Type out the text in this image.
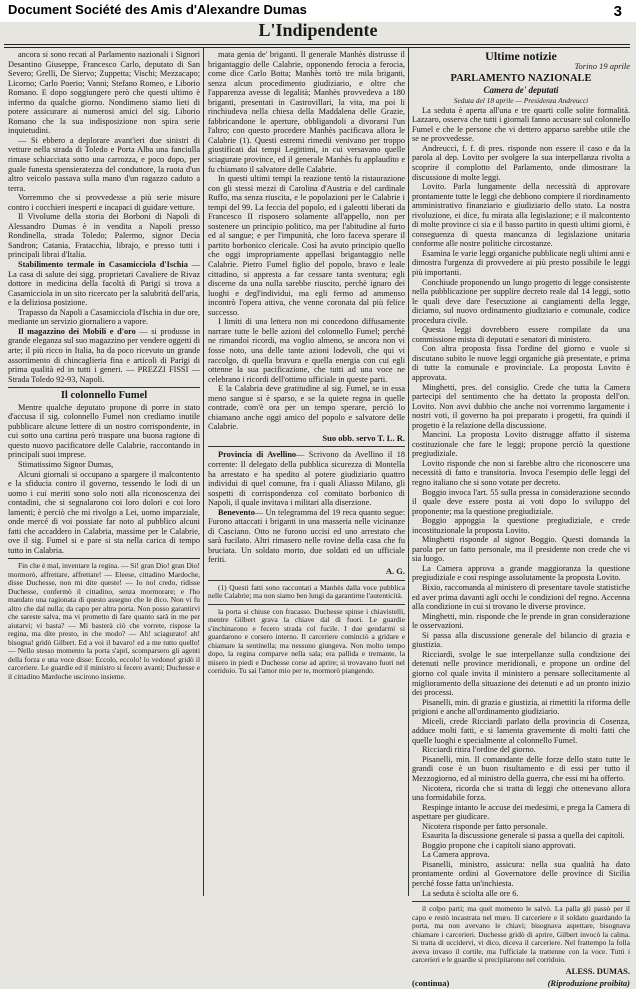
Document Société des Amis d'Alexandre Dumas	3
L'Indipendente

ancora si sono recati al Parlamento nazionali i Signori Desantino Giuseppe, Francesco Carlo, deputato di San Severo; Grelli, De Siervo; Zuppetta; Vischi; Mezzacapo; Licorno; Carlo Poerio; Vanni; Stefano Romeo, e Liborio Romano. E dopo soggiungere però che questi ultimo è infermo da qualche giorno. Nondimeno siamo lieti di potere assicurare ai numerosi amici del sig. Liborio Romano che la sua indisposizione non spira serie inquietudini.

— Si ebbero a deplorare avant'ieri due sinistri di vetture nella strada di Toledo e Porta Alba una fanciulla rimase schiacciata sotto una carrozza, e poco dopo, per guale funesta spensieratezza del conduttore, la ruota d'un altro veicolo passava sulla mano d'un ragazzo caduto a terra.

Vorremmo che si provvedesse a più serie misure contro i cocchieri inesperti e incapaci di guidare vetture.

Il Vivolume della storia dei Borboni di Napoli di Alessandro Dumas è in vendita a Napoli presso Rondinella, strada Toledo; Palermo, signor Decia Sandron; Catania, Fratacchia, librajo, e presso tutti i principali librai d'Italia.

Stabilimento termale in Casamicciola d'Ischia — La casa di salute dei sigg. proprietari Cavaliere de Rivaz dottore in medicina della facoltà di Parigi si trova a Casamicciola in un sito ricercato per la salubrità dell'aria, e la deliziosa posizione.

Trapasso da Napoli a Casamicciola d'Ischia in due ore, mediante un servizio giornaliero a vapore.

Il magazzino dei Mobili e d'oro — si produsse in grande eleganza sul suo magazzino per vendere oggetti di arte; il più ricco in Italia, ha da poco ricevuto un grande assortimento di chincaglieria fina e articoli di Parigi di prima qualità ed in tutti i generi. — PREZZI FISSI — Strada Toledo 92-93, Napoli.

Il colonnello Fumel

Mentre qualche deputato propone di porre in stato d'accusa il sig. colonnello Fumel non crediamo inutile pubblicare alcune lettere di un nostro corrispondente, in cui sotto una cartina però traspare una buona ragione di questo nuovo pacificatore delle Calabrie, raccontando in principali suoi imprese.

Stimatissimo Signor Dumas,

Alcuni giornali si occupano a spargere il malcontento e la sfiducia contro il governo, tessendo le lodi di un uomo i cui meriti sono solo noti alla riconoscenza dei contadini, che si segnalarono coi loro dolori e coi loro lamenti; è perciò che mi rivolgo a Lei, uomo imparziale, onde mercé di voi possiate far noto al pubblico alcuni fatti che accaddero in Calabria, massime per le Calabrie, ove il sig. Fumel si e pare si sta nella carica di tempo tutto in Calabria.

Fin che è mal, inventare la regina. — Si! gran Dio! gran Dio! mormorò, affrettare, affrettate! — Eleese, cittadino Mardoche, disse Duchesse, non mi dite queste! — Io nol credo, ridisse Duchesse, confermò il cittadino, senza mormorare; e l'ho mandato una ragionata di questo assegno che le dico. Non vi fu altro che dal nulla; da capo per altra porta. Non posso garantirvi che sareste salva, ma vi prometto di fare quanto sarà in me per aiutarvi; vi basta? — Mi basterà ciò che vorrete, rispose la regina, ma dite presto, in che modo? — Ah! sciagurato! ah! bisogna! gridò Gilbert. Ed a voi il bavaro! ed a me tutto quello! — Nello stesso momento la porta s'aprì, scomparsero gli agenti della forza e una voce disse: Eccolo, eccolo! lo vedono! gridò il carceriere. Le guardie ed il ministro si fecero avanti; Duchesse e il cittadino Mardoche uscirono insieme.

mata genia de' briganti. Il generale Manhès distrusse il brigantaggio delle Calabrie, opponendo ferocia a ferocia, come dice Carlo Botta; Manhès tortò tre mila briganti, senza alcun procedimento giudiziario, e oltre che l'apparenza avesse di legalità; Manhès provvedeva a 180 briganti, presentati in Castrovillari, la vita, ma poi li rinchiudeva nella chiesa della Maddalena delle Grazie, fabbricandone le aperture, obbligandoli a divorarsi l'un l'altro; con questo procedere Manhès pacificava allora le Calabrie (1). Questi estremi rimedii venivano per troppo giustificati dai tempi Legittimi, in cui versavano quelle sciagurate province, ed il generale Manhès fu applaudito e fu chiamato il salvatore delle Calabrie.

In questi ultimi tempi la reazione tentò la ristaurazione con gli stessi mezzi di Carolina d'Austria e del cardinale Ruffo, ma senza riuscita, e le popolazioni per le Calabrie i tempi del 99. La feccia del popolo, ed i galeotti liberati da Francesco II risposero solamente all'appello, non per sostenere un principio politico, ma per l'abitudine al furto ed al sangue; e per l'impunità, che loro faceva sperare il partito borbonico clericale. Così ha avuto principio quello che oggi impropriamente appellasi brigantaggio nelle Calabrie. Pietro Fumel figlio del popolo, bravo e leale cittadino, si appresta a far cessare tanta sventura; egli discerne da una nulla sarebbe riuscito, perchè ignaro dei luoghi e degl'individui, ma egli fermo ad ammenso incontrò l'opera attiva, che venne coronata dal più felice successo.

I limiti di una lettera non mi concedono diffusamente narrare tutte le belle azioni del colonnello Fumel; perchè ne rimandoì ricordi, ma voglio almeno, se ancora non vi fosse noto, una delle tante azioni lodevoli, che qui vi raccolgo, di quella bravura e quella energia con cui egli ottenne la sua pacificazione, che tutti ad una voce ne celebrano i ricordi dell'ottimo ufficiale in queste parti.

E la Calabria deve gratitudine al sig. Fumel, se in essa meno sangue si è sparso, e se la quiete regna in quelle contrade, com'è ora per un tempo sperare, perciò lo chiamano anche oggi amico del popolo e salvatore delle Calabrie.

Suo obb. servo T. L. R.

Provincia di Avellino— Scrivono da Avellino il 18 corrente: Il delegato della pubblica sicurezza di Montella ha arrestato e ha spedito al potere giudiziario quattro individui di quel comune, fra i quali Aliasso Milano, gli sospetti di corrispondenza col comitato borbonico di Napoli, il quale invitava i militari alla diserzione.

Benevento— Un telegramma del 19 reca quanto segue: Furono attaccati i briganti in una masseria nelle vicinanze di Casciano. Otto ne furono uccisi ed uno arrestato che sarà fucilato. Altri rimasero nelle rovine della casa che fu bruciata. Un soldato morto, due soldati ed un ufficiale feriti.

A. G.

(1) Questi fatti sono raccontati a Manhès dalla voce pubblica nelle Calabrie; ma non siamo ben lungi da garantirne l'autenticità.

la porta si chiuse con fracasso. Duchesse spinse i chiavistelli, mentre Gilbert grava la chiave dal di fuori. Le guardie s'inchinarono e fecero strada col fucile. I due gendarmi si guardarono e corsero interno. Il carceriere cominciò a gridare e chiamare la sentinella; ma nessuno giungeva. Non molto tempo dopo, la regina comparve nella sala; era pallida e tremante, la misero in piedi e Duchesse corse ad aprire; si trovavano fuori nel corridoio. Tu sai l'amor mio per te, mormorò piangendo.

Ultime notizie
Torino 19 aprile
PARLAMENTO NAZIONALE
Camera de' deputati

Seduta del 18 aprile — Presidenza Andreucci

La seduta è aperta all'una e tre quarti colle solite formalità. Lazzaro, osserva che tutti i giornali fanno accusare sul colonnello Fumel e che le persone che vi dettero apparso sarebbe utile che se ne provvedesse.

Andreucci, f. f. di pres. risponde non essere il caso e da la parola al dep. Lovito per svolgere la sua interpellanza rivolta a scoprire il complotto del Parlamento, onde dimostrare la discussione di molte leggi.

Lovito. Parla lungamente della necessità di approvare prontamente tutte le leggi che debbono compiere il riordinamento amministrativo finanziario e giudiziario dello stato. La nostra rivoluzione, ei dice, fu mirata alla legislazione; e il malcontento di molte province ci sia e il basso partito in questi ultimi giorni, è conseguenza di questa mancanza di legislazione unitaria conforme alle nostre politiche circostanze.

Esamina le varie leggi organiche pubblicate negli ultimi anni e dimostra l'urgenza di provvedere ai più presto possibile le leggi più importanti.

Conchiude proponendo un lungo progetto di legge consistente nella pubblicazione per supplire decreto reale dal 14 leggi, sotto le quali deve dare l'esecuzione ai cangiamenti della legge, diciamo, sul nuovo ordinamento giudiziario e comunale, codice procedura civile.

Questa leggi dovrebbero essere compilate da una commissione mista di deputati e senatori di ministero.

Con altra proposta fissa l'ordine del giorno e vuole si discutano subito le nuove leggi organiche già presentate, e prima di tutte la comunale e provinciale. La proposta Lovito è approvata.

Minghetti, pres. del consiglio. Crede che tutta la Camera partecipi del sentimento che ha dettato la proposta dell'on. Lovito. Non avvi dubbio che anche noi vorremmo largamente i nostri voti, il governo ha poi preparato i progetti, fra quindi il progetto è la relazione della discussione.

Mancini. La proposta Lovito distrugge affatto il sistema costituzionale che fare le leggi; propone perciò la questione pregiudiziale.

Lovito risponde che non si farebbe altro che riconoscere una necessità di fatto e transitoria. Invoca l'esempio delle leggi del regno italiano che si sono votate per decreto.

Boggio invoca l'art. 55 sulla pressa in considerazione secondo il quale deve essere posta ai voti dopo lo sviluppo del proponente; ma la questione pregiudiziale.

Boggio appoggia la questione pregiudiziale, e crede incostituzionale la proposta Lovito.

Minghetti risponde al signor Boggio. Questi domanda la parola per un fatto personale, ma il presidente non crede che vi sia luogo.

La Camera approva a grande maggioranza la questione pregiudiziale e così respinge assolutamente la proposta Lovito.

Bixio, raccomanda al ministero di presentare tavole statistiche ed aver prima davanti agli occhi le condizioni del regno. Accenna alla condizione in cui si trovano le diverse province.

Minghetti, min. risponde che le prende in gran considerazione le osservazioni.

Si passa alla discussione generale del bilancio di grazia e giustizia.

Ricciardi, svolge le sue interpellanze sulla condizione dei detenuti nelle province meridionali, e propone un ordine del giorno col quale invita il ministero a pensare sollecitamente al miglioramento della situazione dei detenuti e ad un pronto inizio dei processi.

Pisanelli, min. di grazia e giustizia, ai rimettiti la riforma delle prigioni e anche all'ordinamento giudiziario.

Miceli, crede Ricciardi parlato della provincia di Cosenza, adduce molti fatti, e si lamenta gravemente di molti fatti che quelle luoghi e specialmente al colonnello Fumel.

Ricciardi ritira l'ordine del giorno.

Pisanelli, min. Il comandante delle forze dello stato tutte le grandi cose è un buon risultamento e di essi per tutto il Mezzogiorno, ed al ministro della guerra, che essi mi ha offerto.

Nicotera, ricorda che si tratta di leggi che ottenevano allora una formidabile forza.

Respinge intanto le accuse dei medesimi, e prega la Camera di aspettare per giudicare.

Nicotera risponde per fatto personale.

Esaurita la discussione generale si passa a quella dei capitoli.

Boggio propone che i capitoli siano approvati.

La Camera approva.

Pisanelli, ministro, assicura: nella sua qualità ha dato prontamente ordini al Governatore delle province di Sicilia perché fosse fatta un'inchiesta.

La seduta è sciolta alle ore 6.

il colpo parti; ma quel momento le salvò. La palla gli passò per il capo e restò incastrata nel muro. Il carceriere e il soldato guardando la porta, ma non avevano le chiavi; bisognava aspettare, bisognava chiamare i carcerieri. Duchesse gridò di aprire, Gilbert invocò la calma. Si tratta di uccidervi, vi dico, diceva il carceriere. Nel frattempo la folla aveva invaso il cortile, ma l'ufficiale la trattenne con la voce. Tutti i carcerieri e le guardie si precipitarono nel corridoio.

ALESS. DUMAS.
(continua)	(Riproduzione proibita)
